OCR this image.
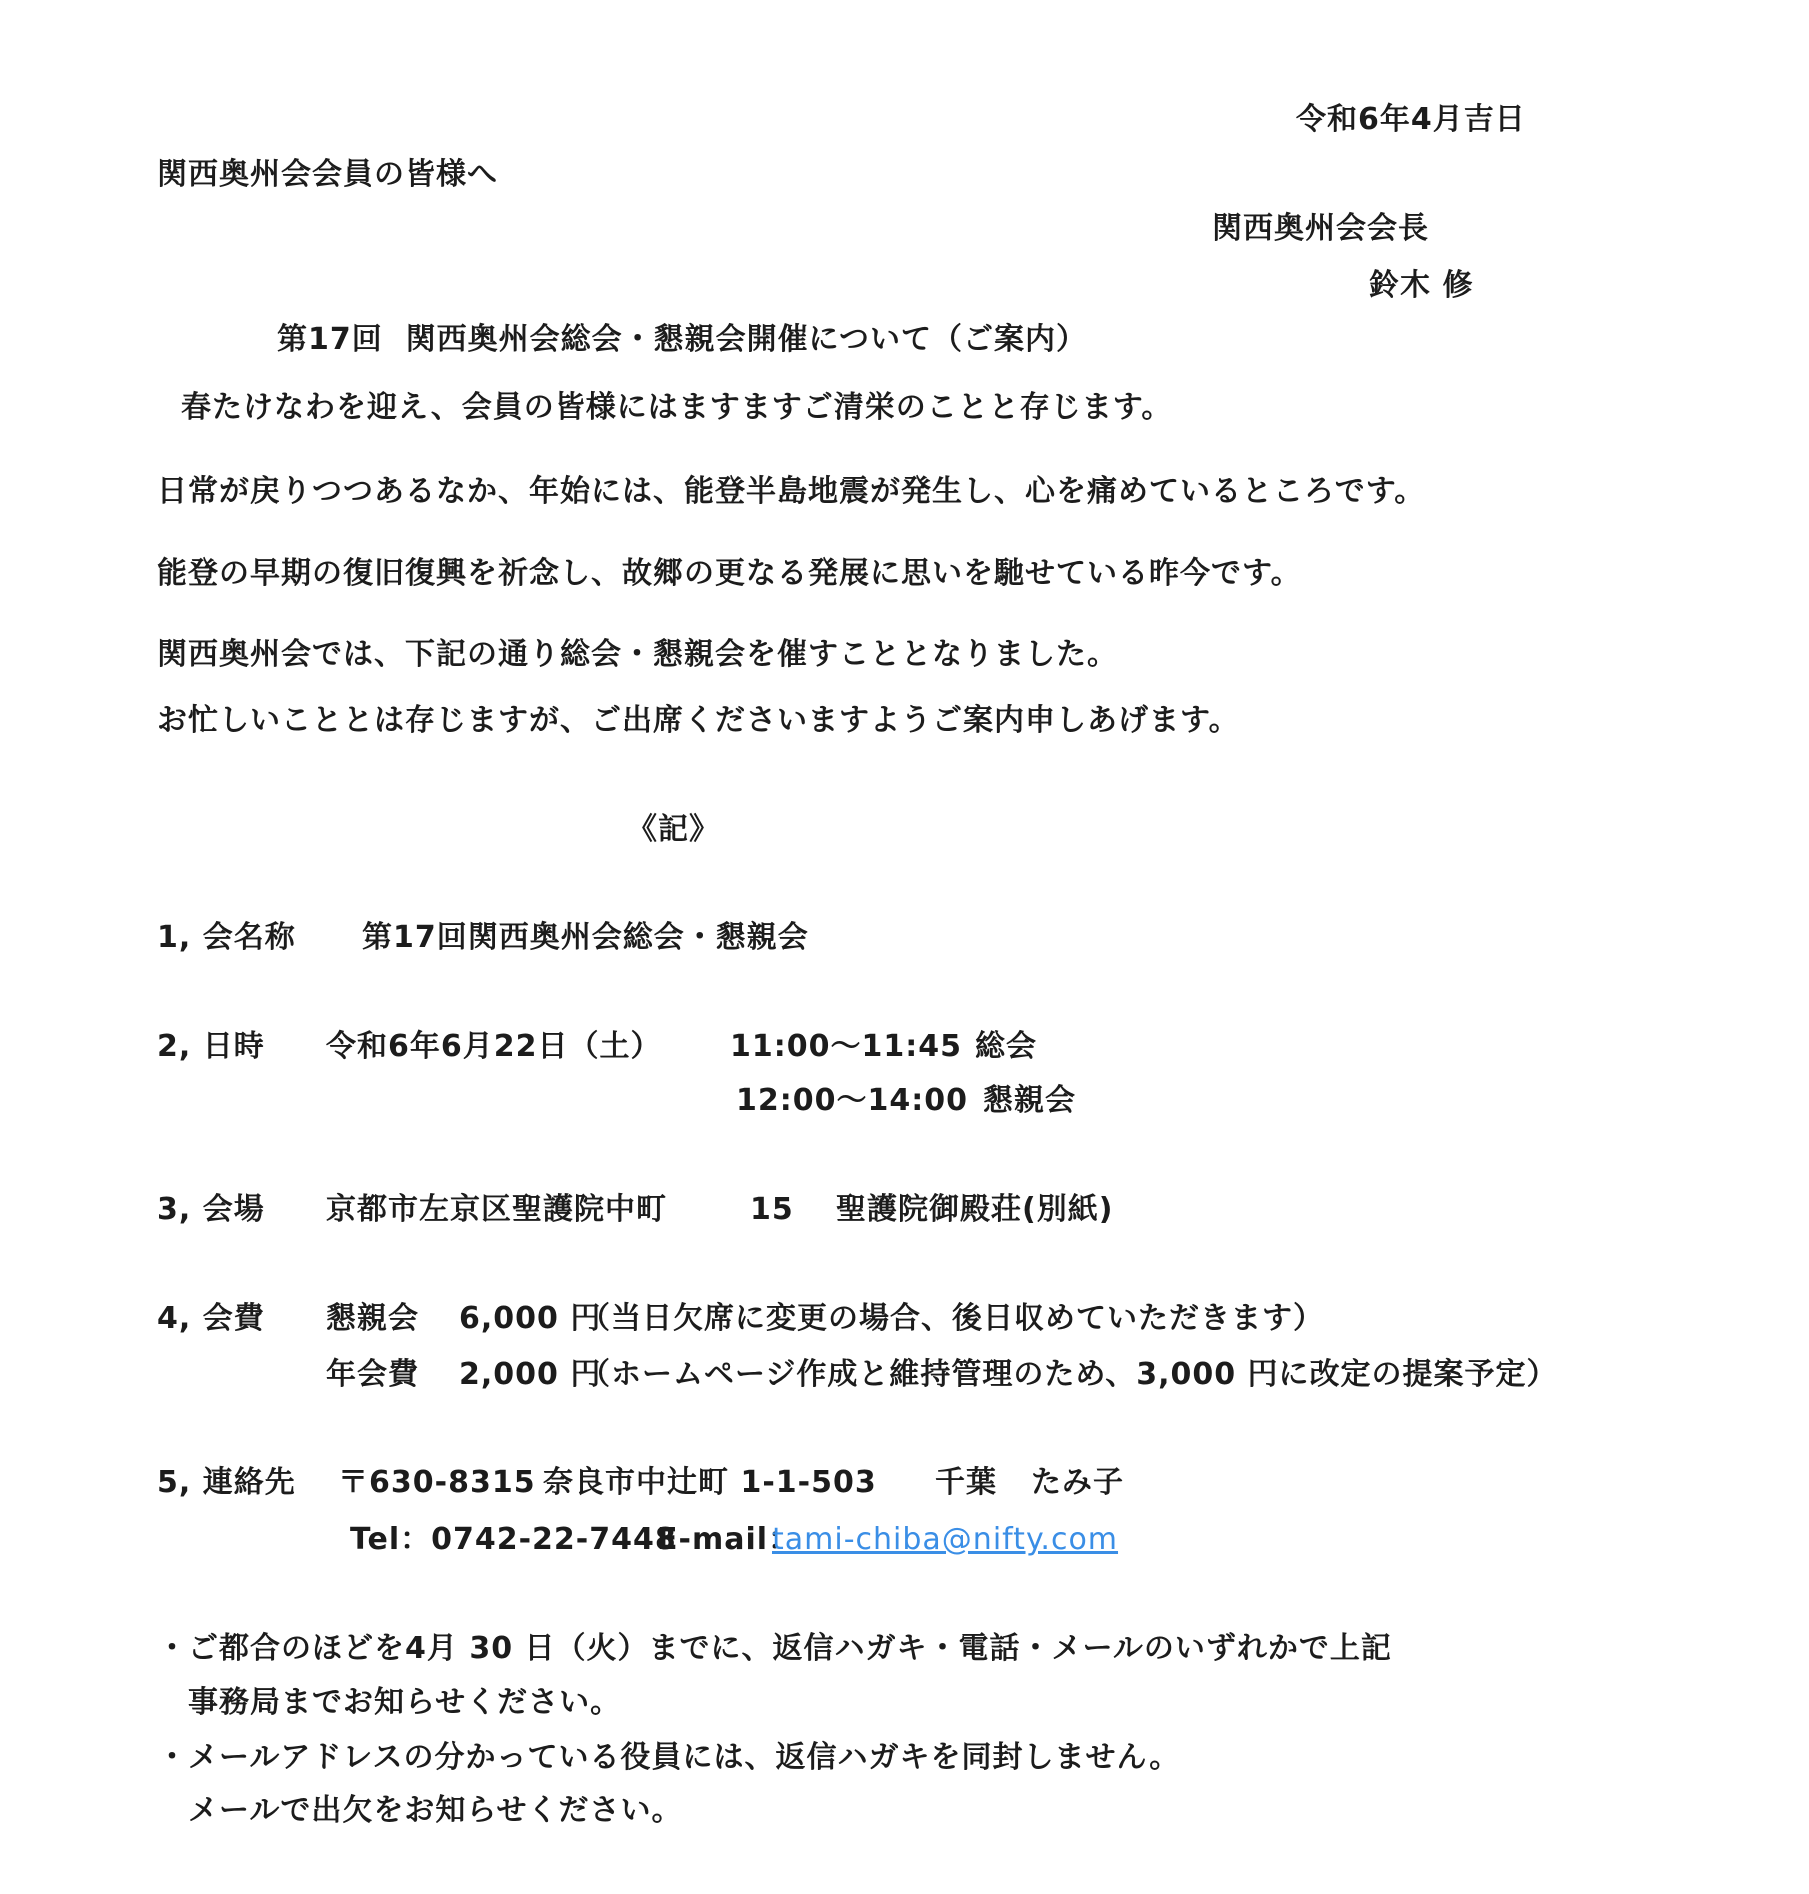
令和6年4月吉日
関西奥州会会員の皆様へ
関西奥州会会長
鈴木 修
第17回  関西奥州会総会・懇親会開催について（ご案内）
春たけなわを迎え、会員の皆様にはますますご清栄のことと存じます。
日常が戻りつつあるなか、年始には、能登半島地震が発生し、心を痛めているところです。
能登の早期の復旧復興を祈念し、故郷の更なる発展に思いを馳せている昨今です。
関西奥州会では、下記の通り総会・懇親会を催すこととなりました。
お忙しいこととは存じますが、ご出席くださいますようご案内申しあげます。
《記》
1, 会名称 第17回関西奥州会総会・懇親会
2, 日時 令和6年6月22日（土） 11:00～11:45 総会
12:00～14:00 懇親会
3, 会場 京都市左京区聖護院中町	15 聖護院御殿荘(別紙)
4, 会費 懇親会 6,000 円
（当日欠席に変更の場合、後日収めていただきます）
年会費 2,000 円
（ホームページ作成と維持管理のため、3,000 円に改定の提案予定）
5, 連絡先 〒630-8315 奈良市中辻町 1-1-503 千葉 たみ子
Tel：0742-22-7448
E-mail：
tami-chiba@nifty.com
・ご都合のほどを4月 30 日（火）までに、返信ハガキ・電話・メールのいずれかで上記
　事務局までお知らせください。
・メールアドレスの分かっている役員には、返信ハガキを同封しません。
　メールで出欠をお知らせください。
